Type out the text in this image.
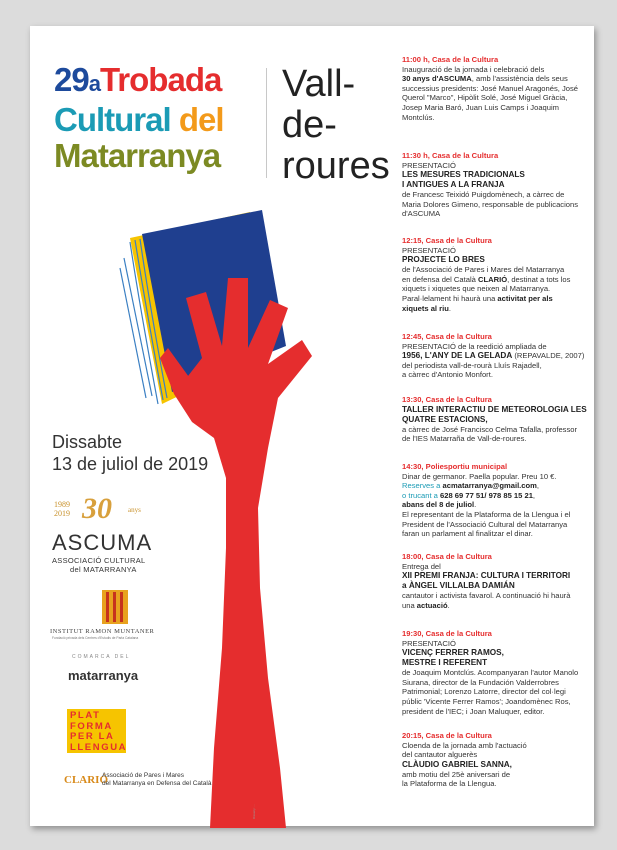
29aTrobada
Cultural del
Matarranya
Vall-
de-
roures
Disseny: ...
Dissabte
13 de juliol de 2019
1989
2019 30 anys
ASCUMA
ASSOCIACIÓ CULTURAL
del MATARRANYA
INSTITUT RAMON MUNTANER
Fundació privada dels Centres d'Estudis de Parla Catalana
COMARCA DEL
matarranya
PLAT
FORMA
PER LA
LLENGUA
CLARIÓ
Associació de Pares i Mares
del Matarranya en Defensa del Català
11:00 h, Casa de la Cultura
Inauguració de la jornada i celebració dels
30 anys d'ASCUMA, amb l'assistència dels seus
successius presidents: José Manuel Aragonés, José
Querol "Marco", Hipòlit Solé, José Miguel Gràcia,
Josep Maria Baró, Juan Luis Camps i Joaquim
Montclús.
11:30 h, Casa de la Cultura
PRESENTACIÓ
LES MESURES TRADICIONALS
I ANTIGUES A LA FRANJA
de Francesc Teixidó Puigdomènech, a càrrec de
Maria Dolores Gimeno, responsable de publicacions
d'ASCUMA
12:15, Casa de la Cultura
PRESENTACIÓ
PROJECTE LO BRES
de l'Associació de Pares i Mares del Matarranya
en defensa del Català CLARIÓ, destinat a tots los
xiquets i xiquetes que neixen al Matarranya.
Paral·lelament hi haurà una activitat per als
xiquets al riu.
12:45, Casa de la Cultura
PRESENTACIÓ de la reedició ampliada de
1956, L'ANY DE LA GELADA (REPAVALDE, 2007)
del periodista vall-de-rourà Lluís Rajadell,
a càrrec d'Antonio Monfort.
13:30, Casa de la Cultura
TALLER INTERACTIU DE METEOROLOGIA LES
QUATRE ESTACIONS,
a càrrec de José Francisco Celma Tafalla, professor
de l'IES Matarraña de Vall-de-roures.
14:30, Poliesportiu municipal
Dinar de germanor. Paella popular. Preu 10 €.
Reserves a acmatarranya@gmail.com,
o trucant a 628 69 77 51/ 978 85 15 21,
abans del 8 de juliol.
El representant de la Plataforma de la Llengua i el
President de l'Associació Cultural del Matarranya
faran un parlament al finalitzar el dinar.
18:00, Casa de la Cultura
Entrega del
XII PREMI FRANJA: CULTURA I TERRITORI
a ÀNGEL VILLALBA DAMIÁN
cantautor i activista favarol. A continuació hi haurà
una actuació.
19:30, Casa de la Cultura
PRESENTACIÓ
VICENÇ FERRER RAMOS,
MESTRE I REFERENT
de Joaquim Montclús. Acompanyaran l'autor Manolo
Siurana, director de la Fundación Valderrobres
Patrimonial; Lorenzo Latorre, director del col·legi
públic 'Vicente Ferrer Ramos'; Joandomènec Ros,
president de l'IEC; i Joan Maluquer, editor.
20:15, Casa de la Cultura
Cloenda de la jornada amb l'actuació
del cantautor alguerès
CLÀUDIO GABRIEL SANNA,
amb motiu del 25è aniversari de
la Plataforma de la Llengua.
